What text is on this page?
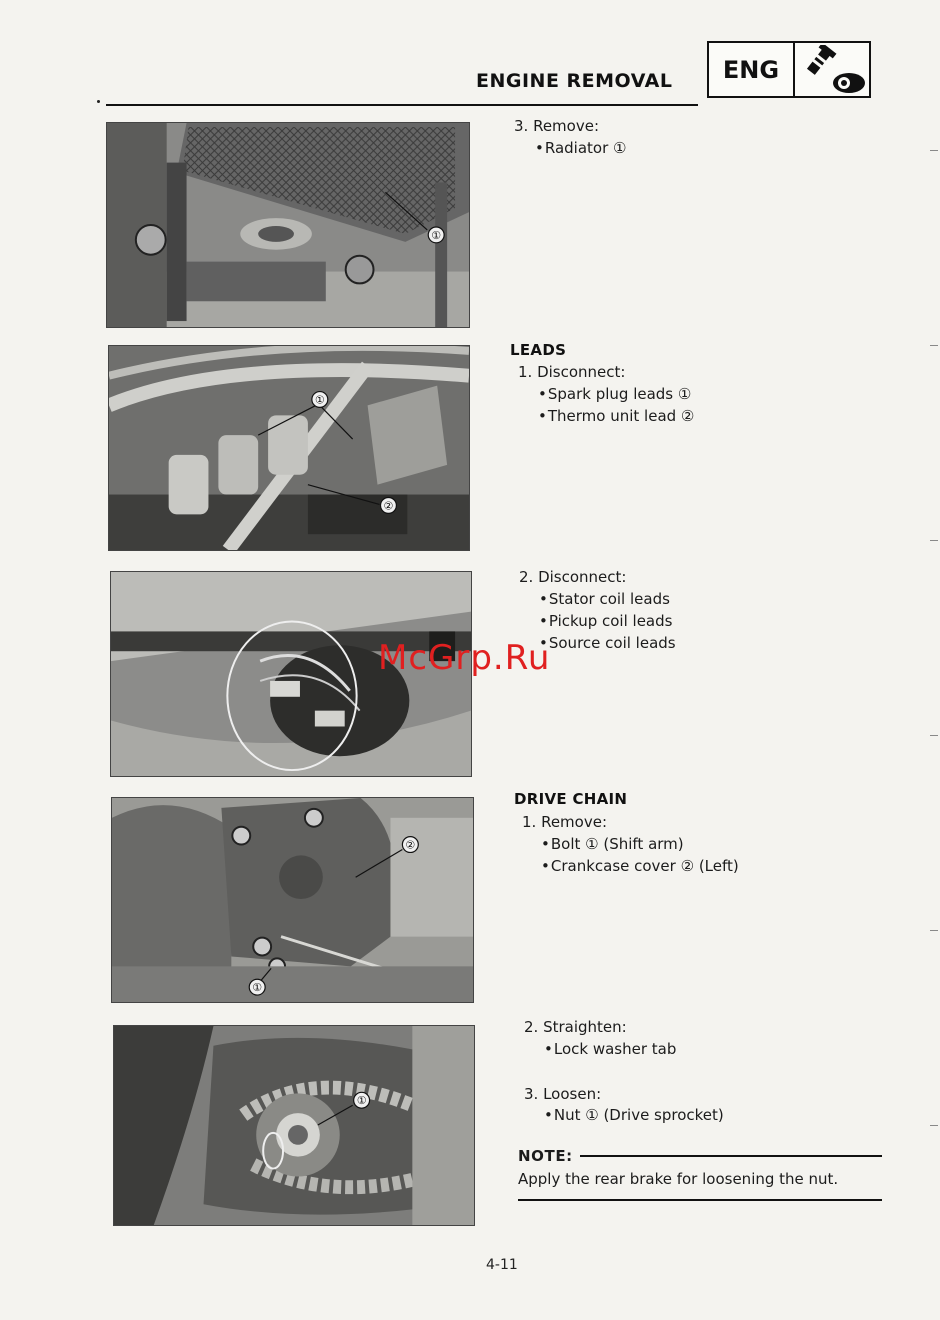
ENGINE REMOVAL	ENG
①
3. Remove:
• Radiator ①
①
②
LEADS
1. Disconnect:
• Spark plug leads ①
• Thermo unit lead ②
2. Disconnect:
• Stator coil leads
• Pickup coil leads
• Source coil leads
②
①
DRIVE CHAIN
1. Remove:
• Bolt ① (Shift arm)
• Crankcase cover ② (Left)
①
2. Straighten:
• Lock washer tab
3. Loosen:
• Nut ① (Drive sprocket)
NOTE:
Apply the rear brake for loosening the nut.
McGrp.Ru
4-11
